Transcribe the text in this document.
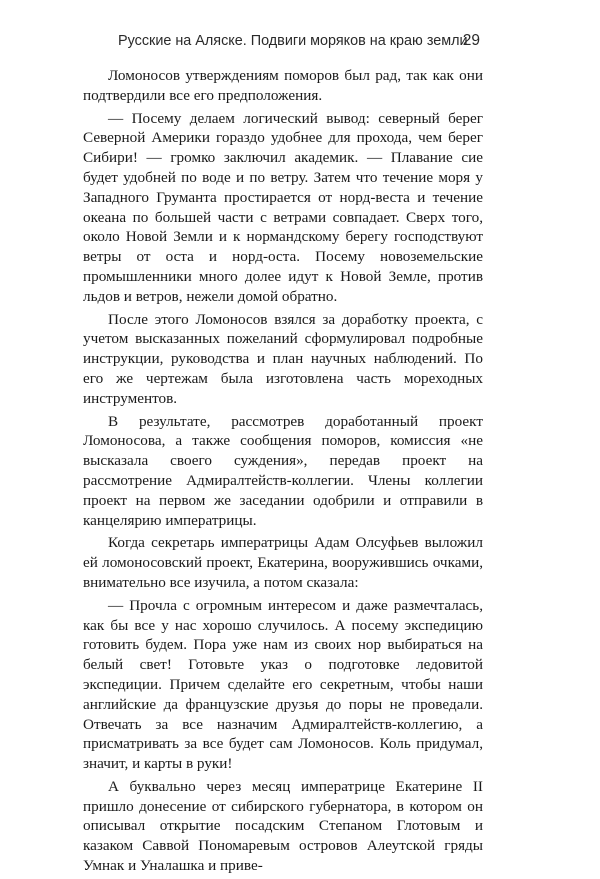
Русские на Аляске. Подвиги моряков на краю земли
29

Ломоносов утверждениям поморов был рад, так как они подтвердили все его предположения.

— Посему делаем логический вывод: северный берег Северной Америки гораздо удобнее для прохода, чем берег Сибири! — громко заключил академик. — Плавание сие будет удобней по воде и по ветру. Затем что течение моря у Западного Груманта простирается от норд-веста и течение океана по большей части с ветрами совпадает. Сверх того, около Новой Земли и к нормандскому берегу господствуют ветры от оста и норд-оста. Посему новоземельские промышленники много долее идут к Новой Земле, против льдов и ветров, нежели домой обратно.

После этого Ломоносов взялся за доработку проекта, с учетом высказанных пожеланий сформулировал подробные инструкции, руководства и план научных наблюдений. По его же чертежам была изготовлена часть мореходных инструментов.

В результате, рассмотрев доработанный проект Ломоносова, а также сообщения поморов, комиссия «не высказала своего суждения», передав проект на рассмотрение Адмиралтейств-коллегии. Члены коллегии проект на первом же заседании одобрили и отправили в канцелярию императрицы.

Когда секретарь императрицы Адам Олсуфьев выложил ей ломоносовский проект, Екатерина, вооружившись очками, внимательно все изучила, а потом сказала:

— Прочла с огромным интересом и даже размечталась, как бы все у нас хорошо случилось. А посему экспедицию готовить будем. Пора уже нам из своих нор выбираться на белый свет! Готовьте указ о подготовке ледовитой экспедиции. Причем сделайте его секретным, чтобы наши английские да французские друзья до поры не проведали. Отвечать за все назначим Адмиралтейств-коллегию, а присматривать за все будет сам Ломоносов. Коль придумал, значит, и карты в руки!

А буквально через месяц императрице Екатерине II пришло донесение от сибирского губернатора, в котором он описывал открытие посадским Степаном Глотовым и казаком Саввой Пономаревым островов Алеутской гряды Умнак и Уналашка и приве-
